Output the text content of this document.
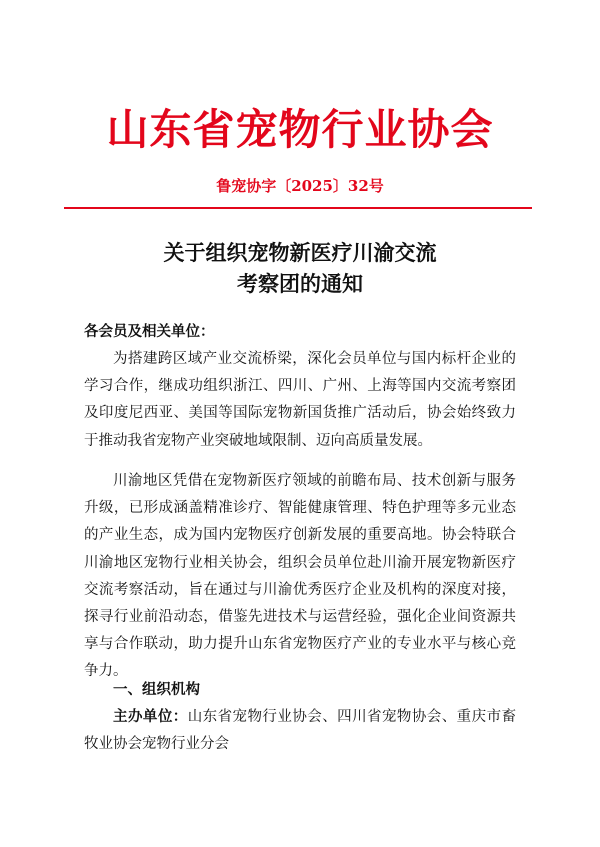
山东省宠物行业协会
鲁宠协字〔2025〕32号
关于组织宠物新医疗川渝交流
考察团的通知
各会员及相关单位：

为搭建跨区域产业交流桥梁，深化会员单位与国内标杆企业的学习合作，继成功组织浙江、四川、广州、上海等国内交流考察团及印度尼西亚、美国等国际宠物新国货推广活动后，协会始终致力于推动我省宠物产业突破地域限制、迈向高质量发展。

川渝地区凭借在宠物新医疗领域的前瞻布局、技术创新与服务升级，已形成涵盖精准诊疗、智能健康管理、特色护理等多元业态的产业生态，成为国内宠物医疗创新发展的重要高地。协会特联合川渝地区宠物行业相关协会，组织会员单位赴川渝开展宠物新医疗交流考察活动，旨在通过与川渝优秀医疗企业及机构的深度对接，探寻行业前沿动态，借鉴先进技术与运营经验，强化企业间资源共享与合作联动，助力提升山东省宠物医疗产业的专业水平与核心竞争力。

一、组织机构

主办单位：山东省宠物行业协会、四川省宠物协会、重庆市畜牧业协会宠物行业分会
